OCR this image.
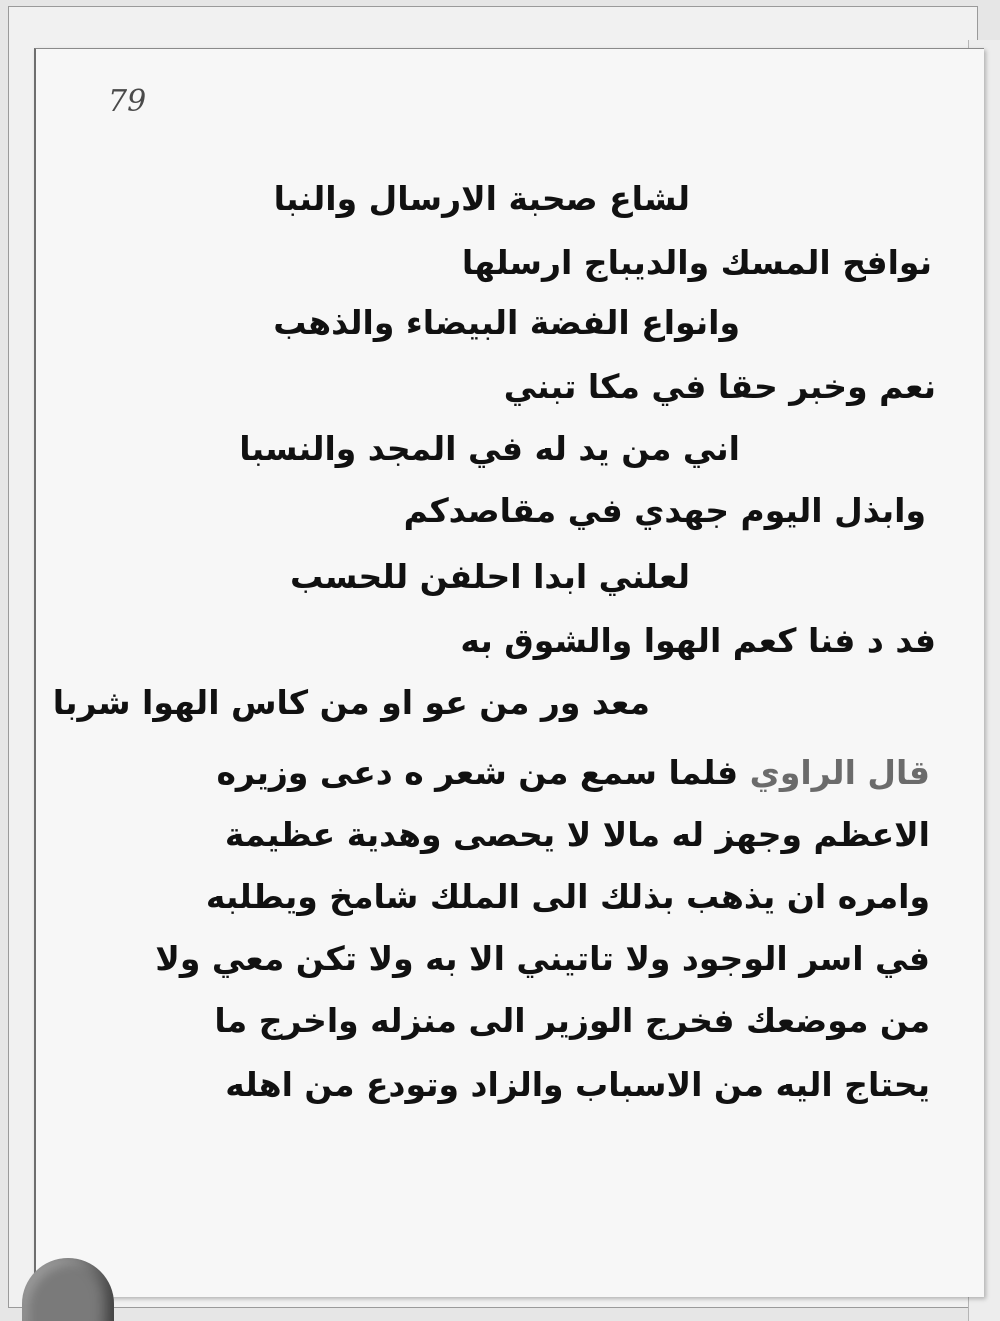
79
لشاع صحبة الارسال والنبا
نوافح المسك والديباج ارسلها
وانواع الفضة البيضاء والذهب
نعم وخبر حقا في مكا تبني
اني من يد له في المجد والنسبا
وابذل اليوم جهدي في مقاصدكم
لعلني ابدا احلفن للحسب
فد د فنا كعم الهوا والشوق به
معد ور من عو او من كاس الهوا شربا
قال الراوي فلما سمع من شعر ه دعى وزيره
الاعظم وجهز له مالا لا يحصى وهدية عظيمة
وامره ان يذهب بذلك الى الملك شامخ ويطلبه
في اسر الوجود ولا تاتيني الا به ولا تكن معي ولا
من موضعك فخرج الوزير الى منزله واخرج ما
يحتاج اليه من الاسباب والزاد وتودع من اهله
